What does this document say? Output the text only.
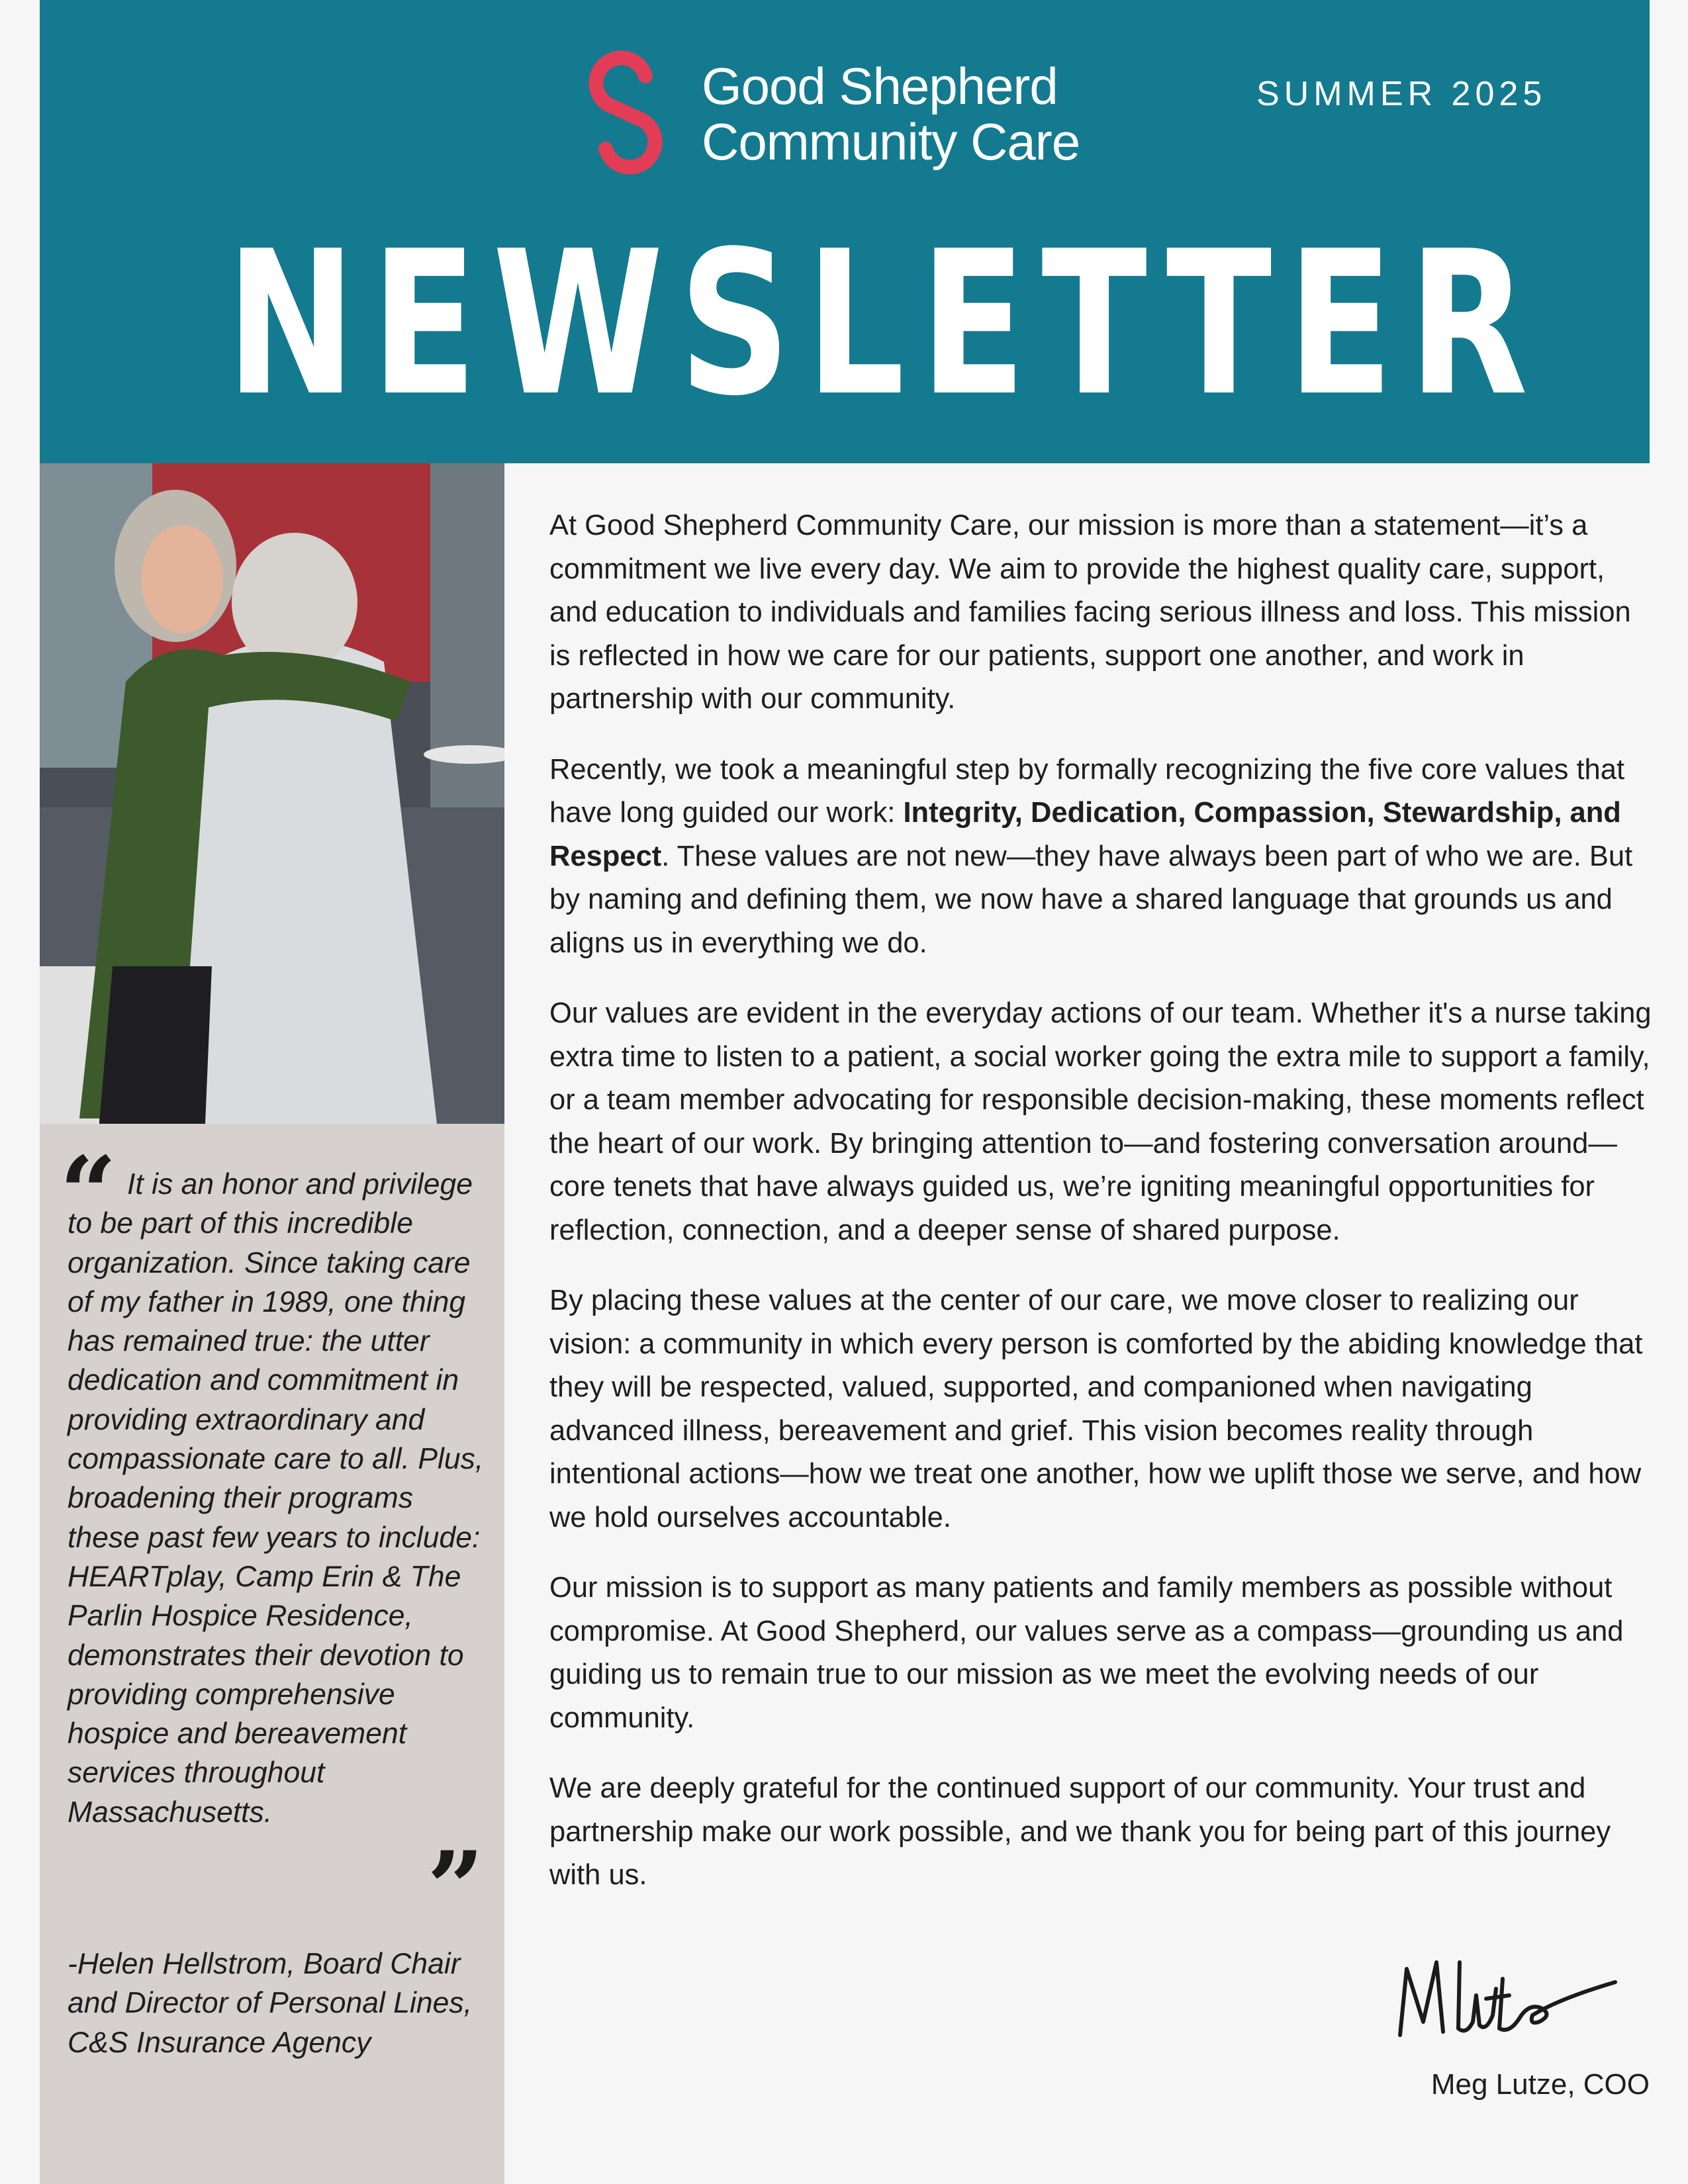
Good Shepherd
Community Care
SUMMER 2025
NEWSLETTER
“ It is an honor and privilege to be part of this incredible organization. Since taking care of my father in 1989, one thing has remained true: the utter dedication and commitment in providing extraordinary and compassionate care to all. Plus, broadening their programs these past few years to include: HEARTplay, Camp Erin & The Parlin Hospice Residence, demonstrates their devotion to providing comprehensive hospice and bereavement services throughout Massachusetts.
”
-Helen Hellstrom, Board Chair and Director of Personal Lines, C&S Insurance Agency

At Good Shepherd Community Care, our mission is more than a statement—it’s a commitment we live every day. We aim to provide the highest quality care, support, and education to individuals and families facing serious illness and loss. This mission is reflected in how we care for our patients, support one another, and work in partnership with our community.

Recently, we took a meaningful step by formally recognizing the five core values that have long guided our work: Integrity, Dedication, Compassion, Stewardship, and Respect. These values are not new—they have always been part of who we are. But by naming and defining them, we now have a shared language that grounds us and aligns us in everything we do.

Our values are evident in the everyday actions of our team. Whether it's a nurse taking extra time to listen to a patient, a social worker going the extra mile to support a family, or a team member advocating for responsible decision-making, these moments reflect the heart of our work. By bringing attention to—and fostering conversation around—core tenets that have always guided us, we’re igniting meaningful opportunities for reflection, connection, and a deeper sense of shared purpose.

By placing these values at the center of our care, we move closer to realizing our vision: a community in which every person is comforted by the abiding knowledge that they will be respected, valued, supported, and companioned when navigating advanced illness, bereavement and grief. This vision becomes reality through intentional actions—how we treat one another, how we uplift those we serve, and how we hold ourselves accountable.

Our mission is to support as many patients and family members as possible without compromise. At Good Shepherd, our values serve as a compass—grounding us and guiding us to remain true to our mission as we meet the evolving needs of our community.

We are deeply grateful for the continued support of our community. Your trust and partnership make our work possible, and we thank you for being part of this journey with us.

Meg Lutze, COO
